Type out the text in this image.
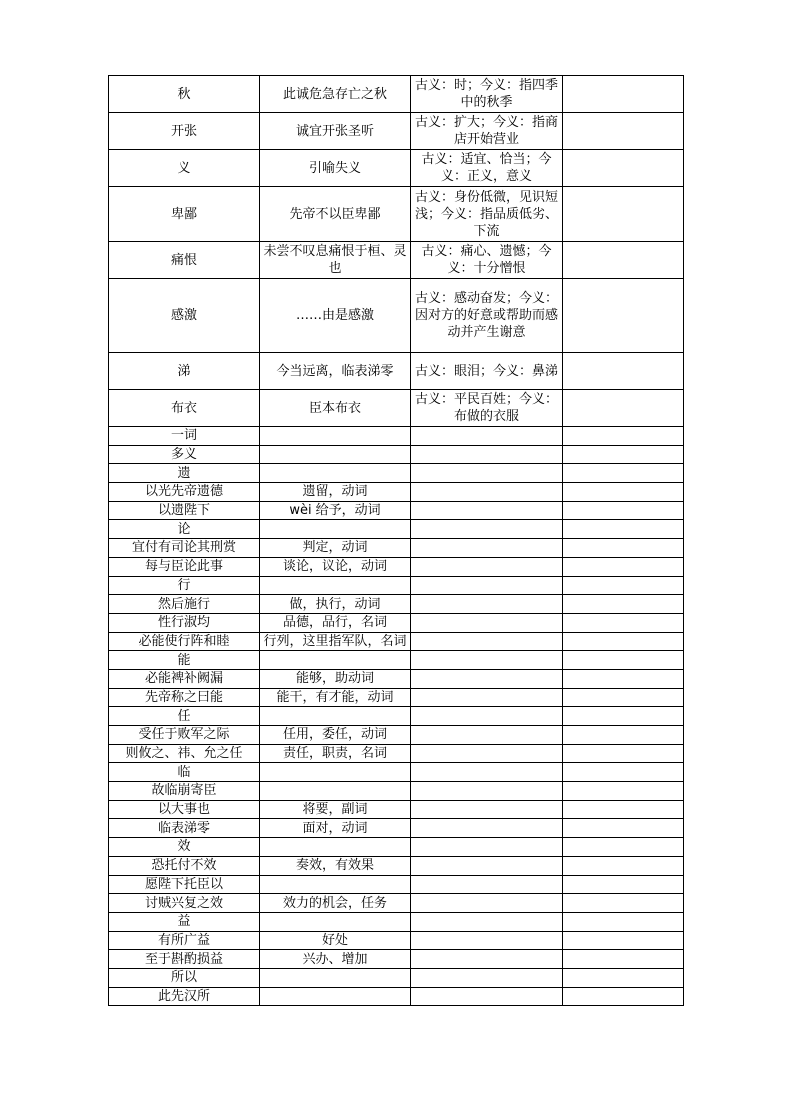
秋	此诚危急存亡之秋	古义：时；今义：指四季中的秋季	
开张	诚宜开张圣听	古义：扩大；今义：指商店开始营业	
义	引喻失义	古义：适宜、恰当；今义：正义，意义	
卑鄙	先帝不以臣卑鄙	古义：身份低微，见识短浅；今义：指品质低劣、下流	
痛恨	未尝不叹息痛恨于桓、灵也	古义：痛心、遗憾；今义：十分憎恨	
感激	……由是感激	古义：感动奋发；今义：因对方的好意或帮助而感动并产生谢意	
涕	今当远离，临表涕零	古义：眼泪；今义：鼻涕	
布衣	臣本布衣	古义：平民百姓；今义：布做的衣服	
一词			
多义			
遗			
以光先帝遗德	遗留，动词		
以遗陛下	wèi 给予，动词		
论			
宜付有司论其刑赏	判定，动词		
每与臣论此事	谈论，议论，动词		
行			
然后施行	做，执行，动词		
性行淑均	品德，品行，名词		
必能使行阵和睦	行列，这里指军队，名词		
能			
必能裨补阙漏	能够，助动词		
先帝称之曰能	能干，有才能，动词		
任			
受任于败军之际	任用，委任，动词		
则攸之、祎、允之任	责任，职责，名词		
临			
故临崩寄臣			
以大事也	将要，副词		
临表涕零	面对，动词		
效			
恐托付不效	奏效，有效果		
愿陛下托臣以			
讨贼兴复之效	效力的机会，任务		
益			
有所广益	好处		
至于斟酌损益	兴办、增加		
所以			
此先汉所			
